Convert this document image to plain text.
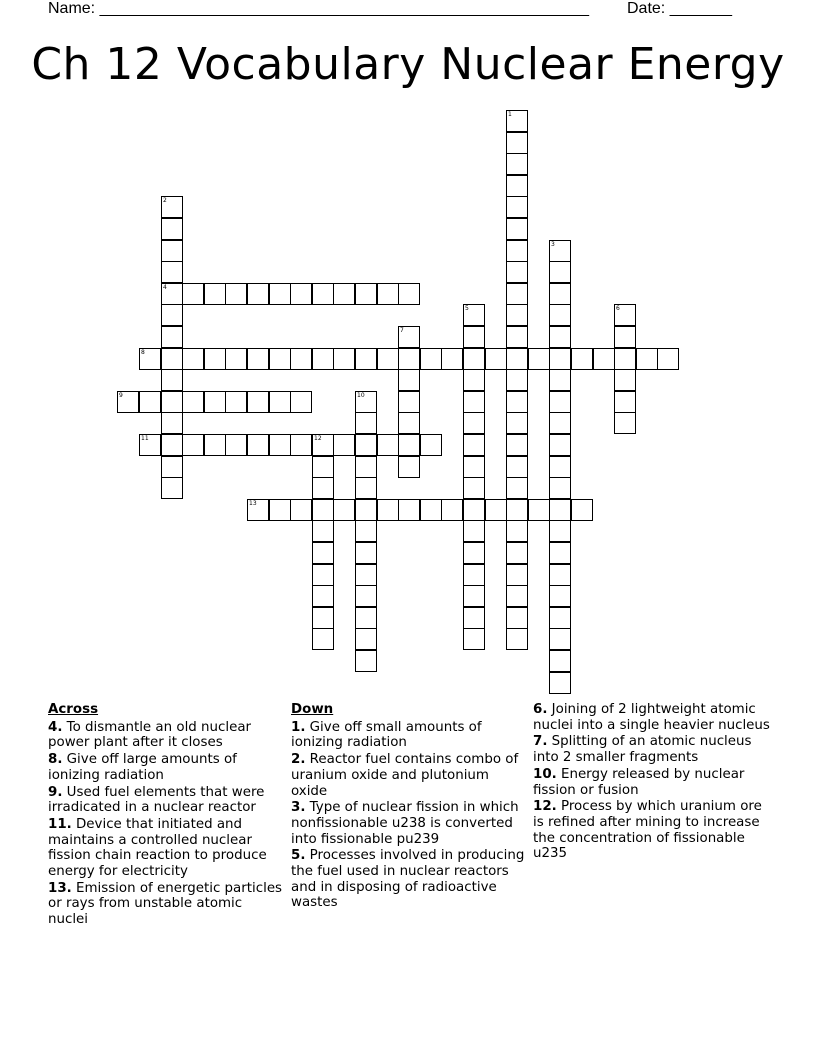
Name: _______________________________________________________ Date: _______
Ch 12 Vocabulary Nuclear Energy
1
2
4
3
5	6
7
8
9	10
11	12
13
Across
4. To dismantle an old nuclear power plant after it closes
8. Give off large amounts of ionizing radiation
9. Used fuel elements that were irradicated in a nuclear reactor
11. Device that initiated and maintains a controlled nuclear fission chain reaction to produce energy for electricity
13. Emission of energetic particles or rays from unstable atomic nuclei
Down
1. Give off small amounts of ionizing radiation
2. Reactor fuel contains combo of uranium oxide and plutonium oxide
3. Type of nuclear fission in which nonfissionable u238 is converted into fissionable pu239
5. Processes involved in producing the fuel used in nuclear reactors and in disposing of radioactive wastes
6. Joining of 2 lightweight atomic nuclei into a single heavier nucleus
7. Splitting of an atomic nucleus into 2 smaller fragments
10. Energy released by nuclear fission or fusion
12. Process by which uranium ore is refined after mining to increase the concentration of fissionable u235
